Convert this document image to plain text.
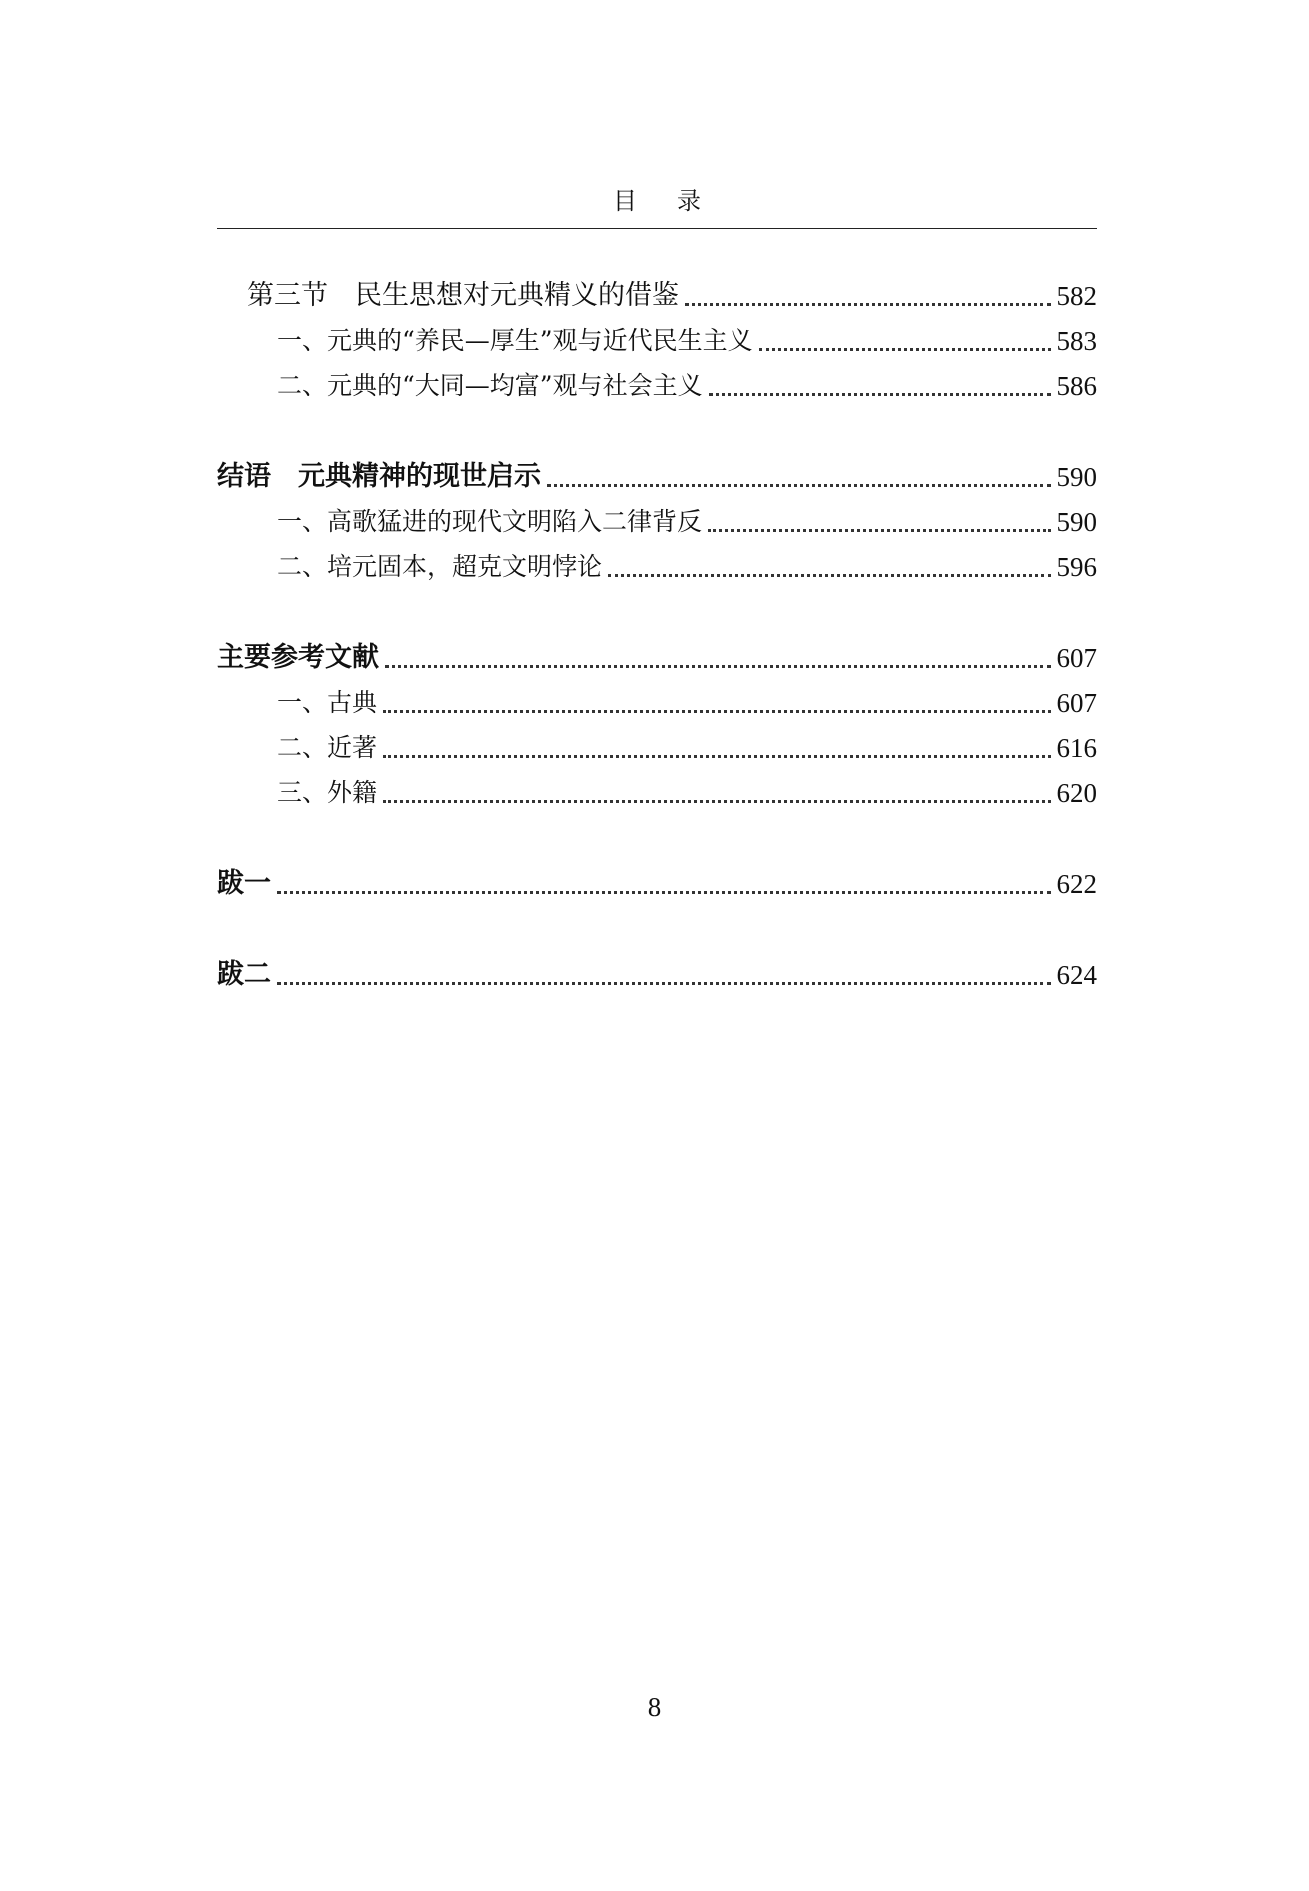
目录
第三节　民生思想对元典精义的借鉴	582
一、元典的“养民—厚生”观与近代民生主义	583
二、元典的“大同—均富”观与社会主义	586
结语　元典精神的现世启示	590
一、高歌猛进的现代文明陷入二律背反	590
二、培元固本，超克文明悖论	596
主要参考文献	607
一、古典	607
二、近著	616
三、外籍	620
跋一	622
跋二	624
8
